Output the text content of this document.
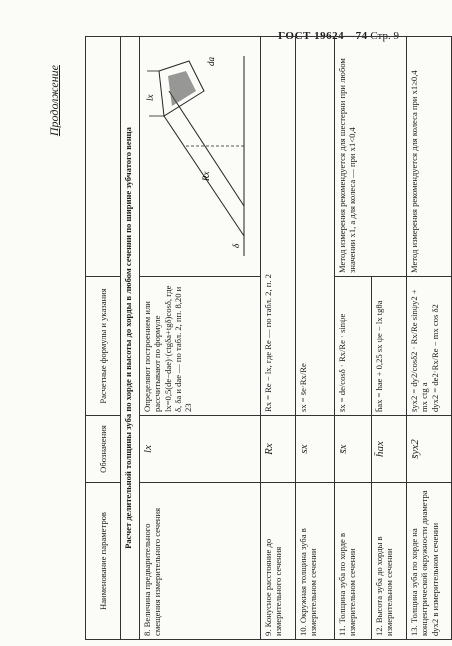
ГОСТ 19624—74 Стр. 9
Продолжение
Наименование параметров	Обозначения	Расчетные формулы и указания	
Расчет делительной толщины зуба по хорде и высоты до хорды в любом сечении по ширине зубчатого венца			
8. Величина предварительного смещения измерительного сечения	lx	Определяют построением или рассчитывают по формуле lx=0,5(de−dae)·(ctgδa+tgδ)cosδ, где δ, δa и dae — по табл. 2, пп. 8,20 и 23	lx
Rx
δ
da

9. Конусное расстояние до измерительного сечения	Rx	Rx = Re − lx, где Re — по табл. 2, п. 2	
10. Окружная толщина зуба в измерительном сечении	sx	sx = s̄e·Rx/Re	
11. Толщина зуба по хорде в измерительном сечении	s̄x	s̄x = de/cosδ · Rx/Re · sinψe	Метод измерения рекомендуется для шестерни при любом значении x1, а для колеса — при x1<0,4
12. Высота зуба до хорды в измерительном сечении	h̄ax	h̄ax = hae + 0,25 sx ψe − lx tgθa	
13. Толщина зуба по хорде на концентрической окружности диаметра dyx2 в измерительном сечении	s̄yx2	s̄yx2 = dy2/cosδ2 · Rx/Re sinψy2 + mx ctg a dyx2 = de2·Rx/Re − mx cos δ2	Метод измерения рекомендуется для колеса при x1≥0,4
